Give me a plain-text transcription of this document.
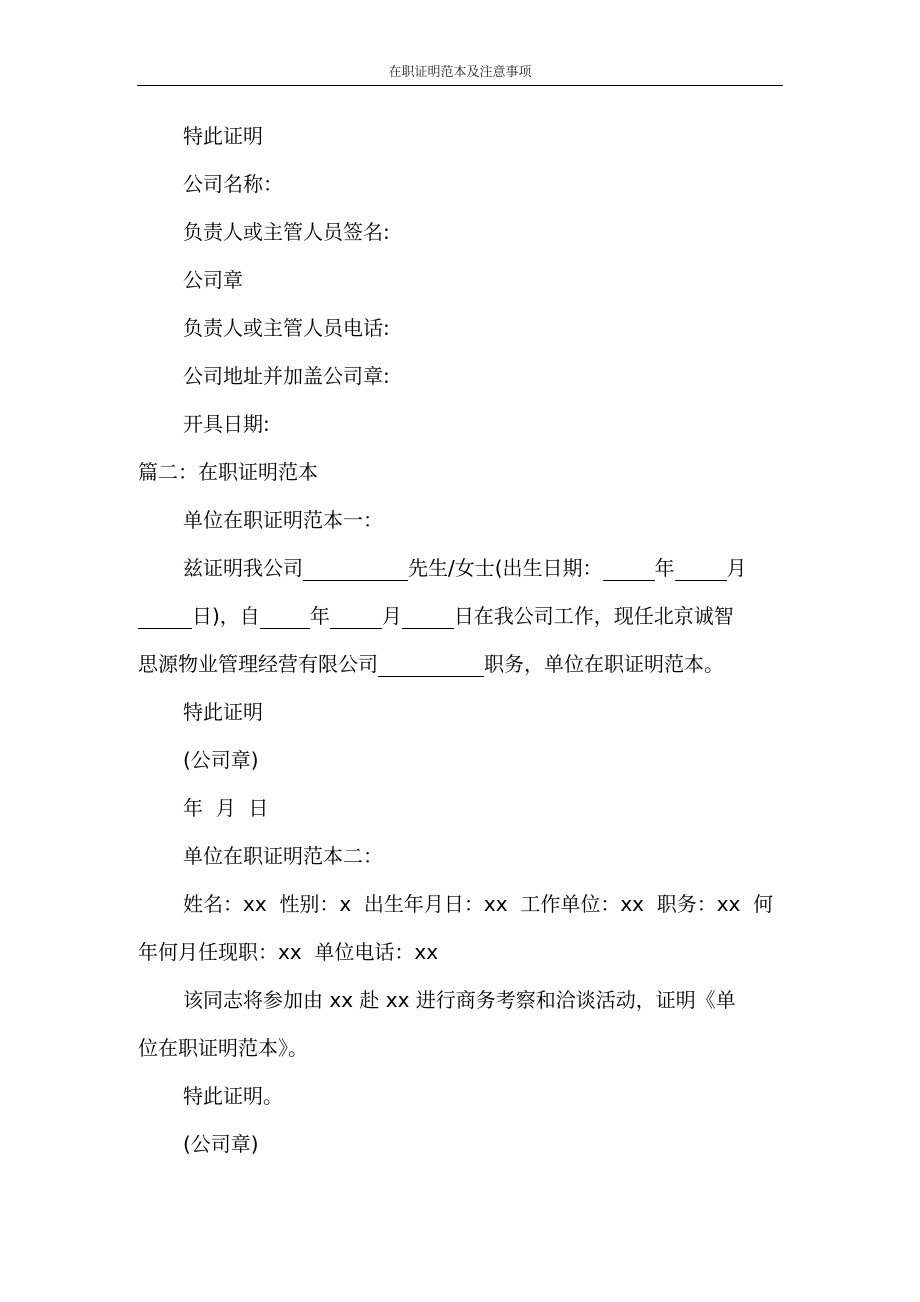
在职证明范本及注意事项

特此证明

公司名称：

负责人或主管人员签名:

公司章

负责人或主管人员电话:

公司地址并加盖公司章:

开具日期:

篇二：在职证明范本

单位在职证明范本一：

兹证明我公司	先生/女士(出生日期：	年	月

日)，自	年	月	日在我公司工作，现任北京诚智

思源物业管理经营有限公司	职务，单位在职证明范本。

特此证明

(公司章)

年  月  日

单位在职证明范本二：

姓名：xx  性别：x  出生年月日：xx  工作单位：xx  职务：xx  何

年何月任现职：xx  单位电话：xx

该同志将参加由 xx 赴 xx 进行商务考察和洽谈活动，证明《单

位在职证明范本》。

特此证明。

(公司章)
